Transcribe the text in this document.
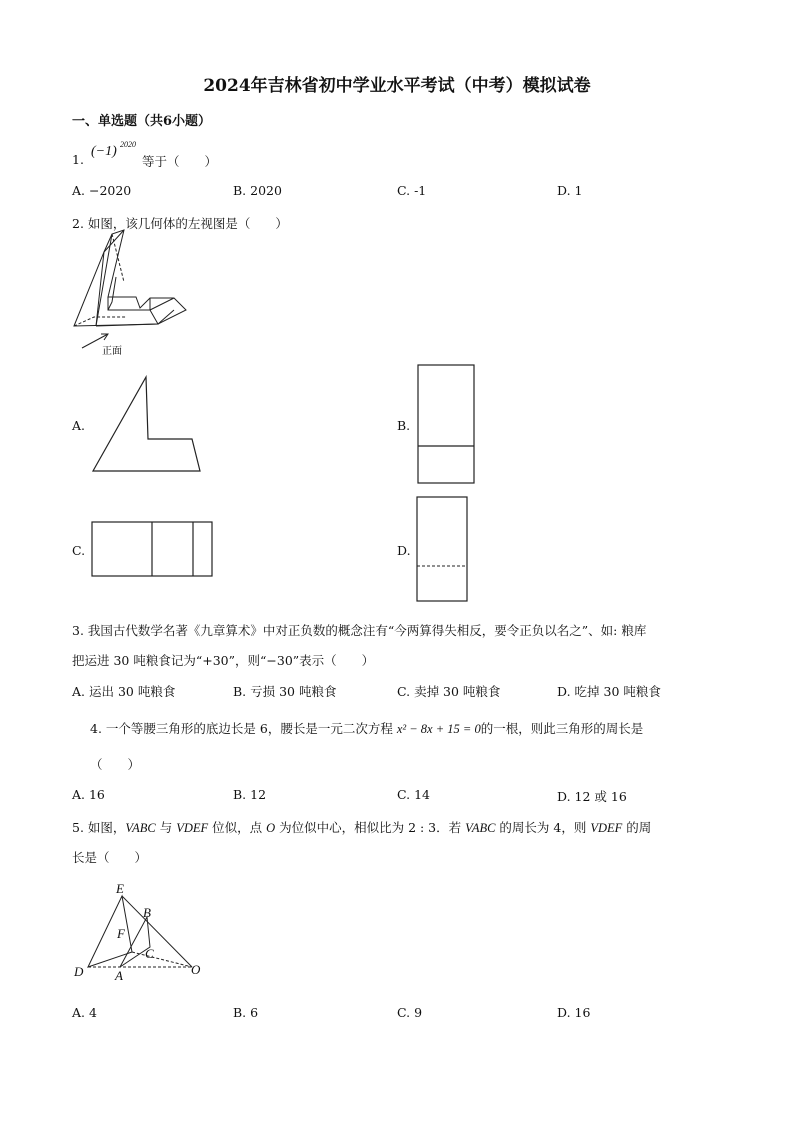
2024年吉林省初中学业水平考试（中考）模拟试卷
一、单选题（共6小题）
1.
(−1) 2020
等于（　　）
A. −2020	B. 2020	C. -1	D. 1
2. 如图，该几何体的左视图是（　　）
正面
A.	B.
C.	D.
3. 我国古代数学名著《九章算术》中对正负数的概念注有“今两算得失相反，要令正负以名之”、如: 粮库
把运进 30 吨粮食记为“+30”，则“−30”表示（　　）
A. 运出 30 吨粮食	B. 亏损 30 吨粮食	C. 卖掉 30 吨粮食	D. 吃掉 30 吨粮食
4. 一个等腰三角形的底边长是 6，腰长是一元二次方程 x² − 8x + 15 = 0的一根，则此三角形的周长是
（　　）
A. 16	B. 12	C. 14	D. 12 或 16
5. 如图，VABC 与 VDEF 位似，点 O 为位似中心，相似比为 2 : 3．若 VABC 的周长为 4，则 VDEF 的周
长是（　　）
E
B
F
C
D A	O
A. 4	B. 6	C. 9	D. 16
